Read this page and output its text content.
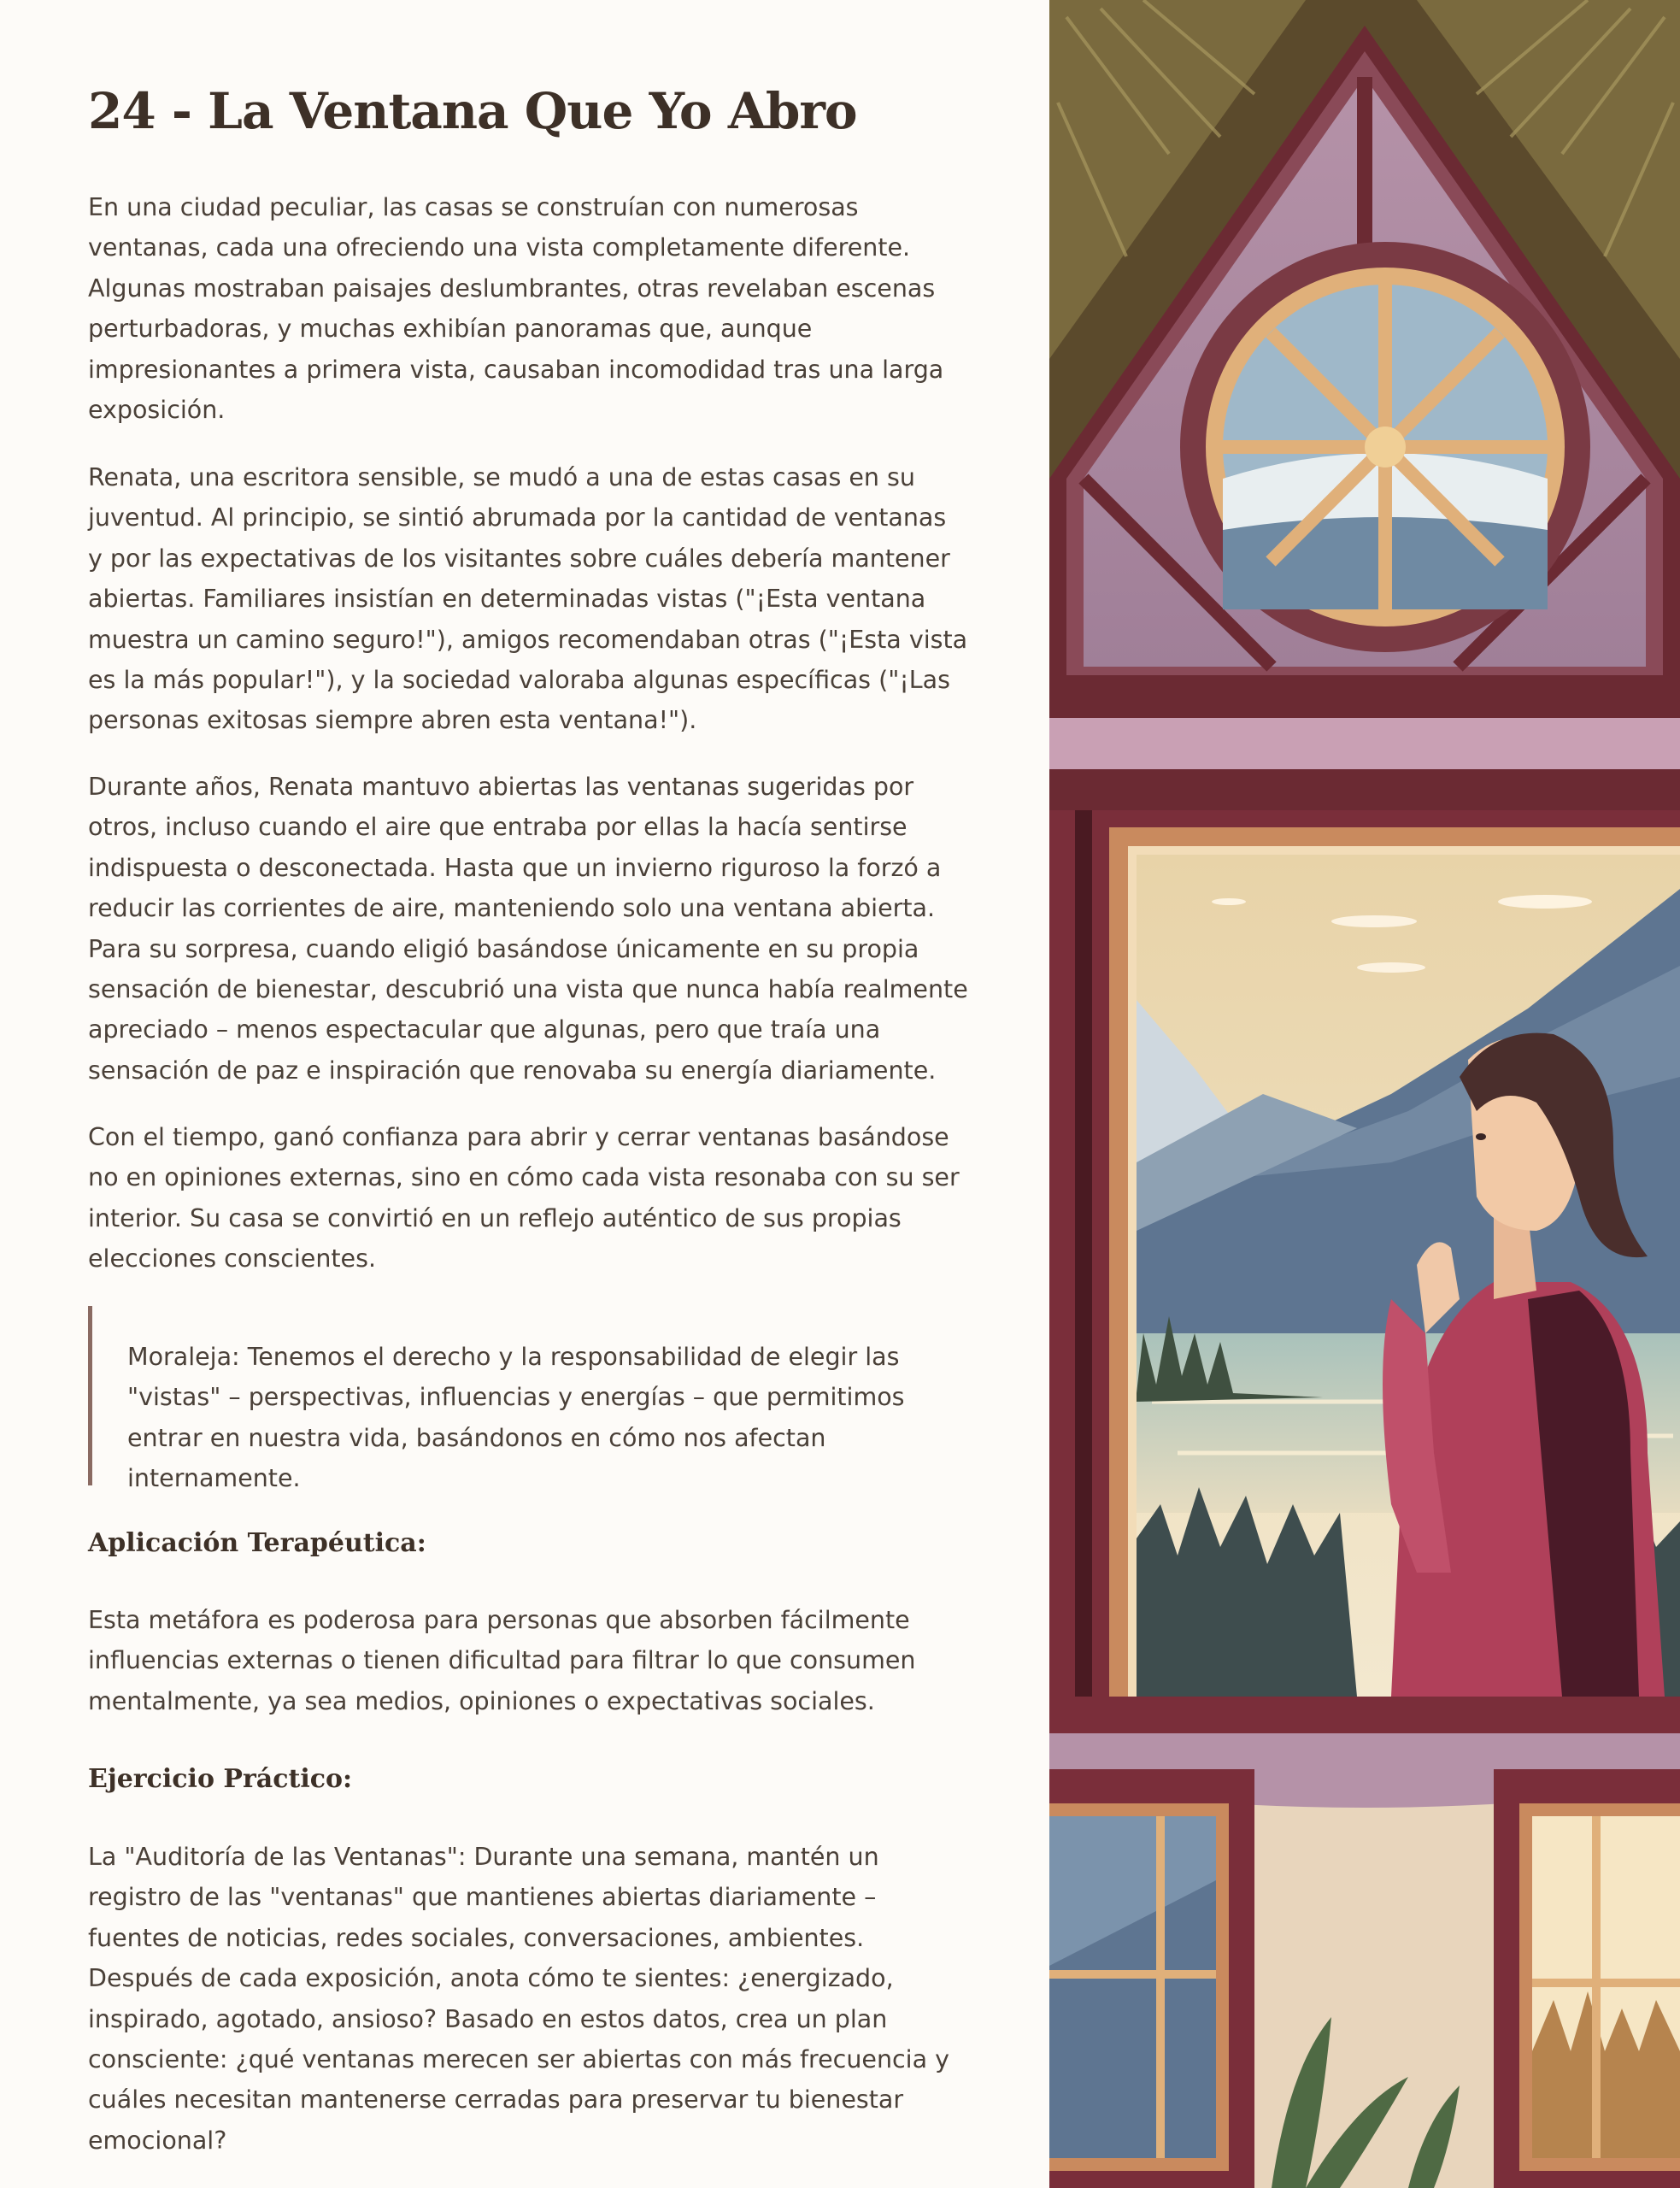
24 - La Ventana Que Yo Abro

En una ciudad peculiar, las casas se construían con numerosas ventanas, cada una ofreciendo una vista completamente diferente. Algunas mostraban paisajes deslumbrantes, otras revelaban escenas perturbadoras, y muchas exhibían panoramas que, aunque impresionantes a primera vista, causaban incomodidad tras una larga exposición.

Renata, una escritora sensible, se mudó a una de estas casas en su juventud. Al principio, se sintió abrumada por la cantidad de ventanas y por las expectativas de los visitantes sobre cuáles debería mantener abiertas. Familiares insistían en determinadas vistas ("¡Esta ventana muestra un camino seguro!"), amigos recomendaban otras ("¡Esta vista es la más popular!"), y la sociedad valoraba algunas específicas ("¡Las personas exitosas siempre abren esta ventana!").

Durante años, Renata mantuvo abiertas las ventanas sugeridas por otros, incluso cuando el aire que entraba por ellas la hacía sentirse indispuesta o desconectada. Hasta que un invierno riguroso la forzó a reducir las corrientes de aire, manteniendo solo una ventana abierta. Para su sorpresa, cuando eligió basándose únicamente en su propia sensación de bienestar, descubrió una vista que nunca había realmente apreciado – menos espectacular que algunas, pero que traía una sensación de paz e inspiración que renovaba su energía diariamente.

Con el tiempo, ganó confianza para abrir y cerrar ventanas basándose no en opiniones externas, sino en cómo cada vista resonaba con su ser interior. Su casa se convirtió en un reflejo auténtico de sus propias elecciones conscientes.

Moraleja: Tenemos el derecho y la responsabilidad de elegir las "vistas" – perspectivas, influencias y energías – que permitimos entrar en nuestra vida, basándonos en cómo nos afectan internamente.

Aplicación Terapéutica:

Esta metáfora es poderosa para personas que absorben fácilmente influencias externas o tienen dificultad para filtrar lo que consumen mentalmente, ya sea medios, opiniones o expectativas sociales.

Ejercicio Práctico:

La "Auditoría de las Ventanas": Durante una semana, mantén un registro de las "ventanas" que mantienes abiertas diariamente – fuentes de noticias, redes sociales, conversaciones, ambientes. Después de cada exposición, anota cómo te sientes: ¿energizado, inspirado, agotado, ansioso? Basado en estos datos, crea un plan consciente: ¿qué ventanas merecen ser abiertas con más frecuencia y cuáles necesitan mantenerse cerradas para preservar tu bienestar emocional?
